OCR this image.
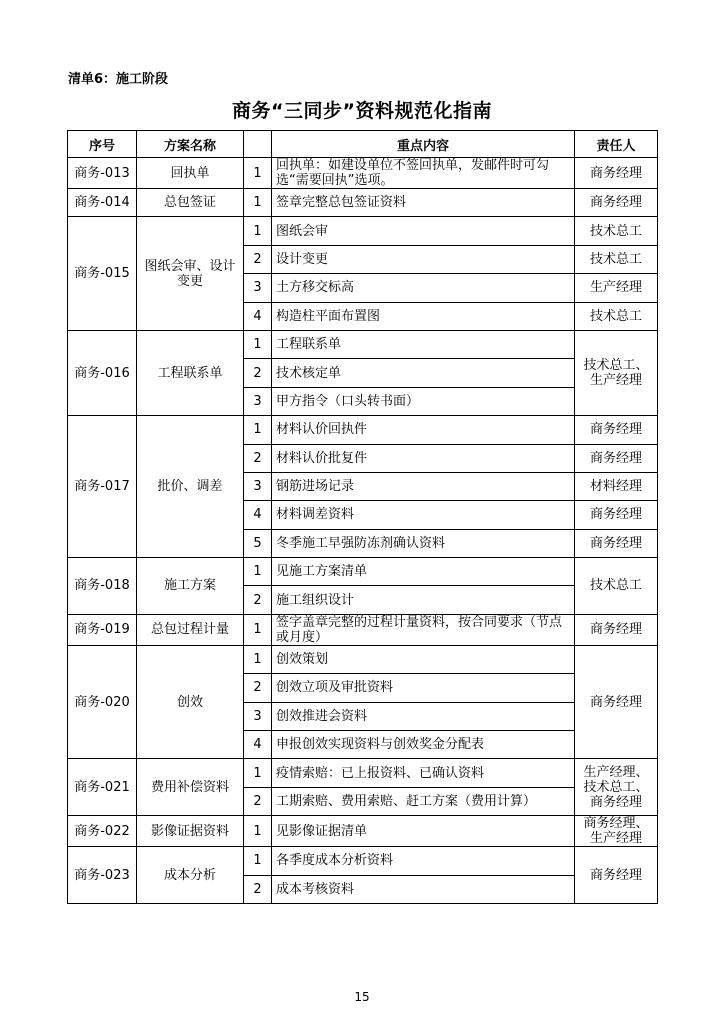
清单6：施工阶段
商务“三同步”资料规范化指南
序号	方案名称		重点内容	责任人
商务-013	回执单	1	回执单：如建设单位不签回执单，发邮件时可勾选“需要回执”选项。	商务经理
商务-014	总包签证	1	签章完整总包签证资料	商务经理
商务-015	图纸会审、设计变更	1	图纸会审	技术总工
		2	设计变更	技术总工
		3	土方移交标高	生产经理
		4	构造柱平面布置图	技术总工
商务-016	工程联系单	1	工程联系单	技术总工、生产经理
		2	技术核定单	
		3	甲方指令（口头转书面）	
商务-017	批价、调差	1	材料认价回执件	商务经理
		2	材料认价批复件	商务经理
		3	钢筋进场记录	材料经理
		4	材料调差资料	商务经理
		5	冬季施工早强防冻剂确认资料	商务经理
商务-018	施工方案	1	见施工方案清单	技术总工
		2	施工组织设计	
商务-019	总包过程计量	1	签字盖章完整的过程计量资料，按合同要求（节点或月度）	商务经理
商务-020	创效	1	创效策划	商务经理
		2	创效立项及审批资料	
		3	创效推进会资料	
		4	申报创效实现资料与创效奖金分配表	
商务-021	费用补偿资料	1	疫情索赔：已上报资料、已确认资料	生产经理、技术总工、商务经理
		2	工期索赔、费用索赔、赶工方案（费用计算）	
商务-022	影像证据资料	1	见影像证据清单	商务经理、生产经理
商务-023	成本分析	1	各季度成本分析资料	商务经理
		2	成本考核资料	
15
